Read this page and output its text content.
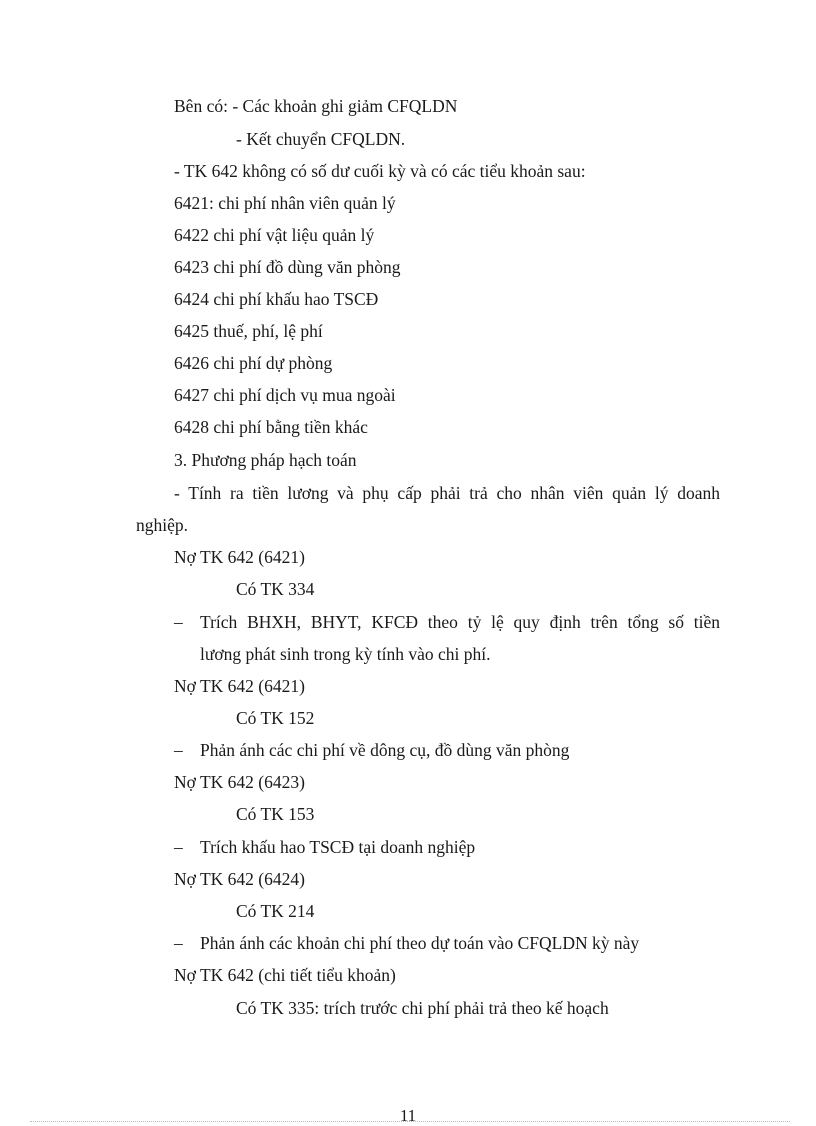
Bên có: - Các khoản ghi giảm CFQLDN
- Kết chuyển CFQLDN.
- TK 642 không có số dư cuối kỳ và có các tiểu khoản sau:
6421: chi phí nhân viên quản lý
6422 chi phí vật liệu quản lý
6423 chi phí đồ dùng văn phòng
6424 chi phí khấu hao TSCĐ
6425 thuế, phí, lệ phí
6426 chi phí dự phòng
6427 chi phí dịch vụ mua ngoài
6428 chi phí bằng tiền khác
3. Phương pháp hạch toán
- Tính ra tiền lương và phụ cấp phải trả cho nhân viên quản lý doanh
nghiệp.
Nợ TK 642 (6421)
Có TK 334
– Trích BHXH, BHYT, KFCĐ theo tỷ lệ quy định trên tổng số tiền
lương phát sinh trong kỳ tính vào chi phí.
Nợ TK 642 (6421)
Có TK 152
– Phản ánh các chi phí về dông cụ, đồ dùng văn phòng
Nợ TK 642 (6423)
Có TK 153
– Trích khấu hao TSCĐ tại doanh nghiệp
Nợ TK 642 (6424)
Có TK 214
– Phản ánh các khoản chi phí theo dự toán vào CFQLDN kỳ này
Nợ TK 642 (chi tiết tiểu khoản)
Có TK 335: trích trước chi phí phải trả theo kế hoạch
11
